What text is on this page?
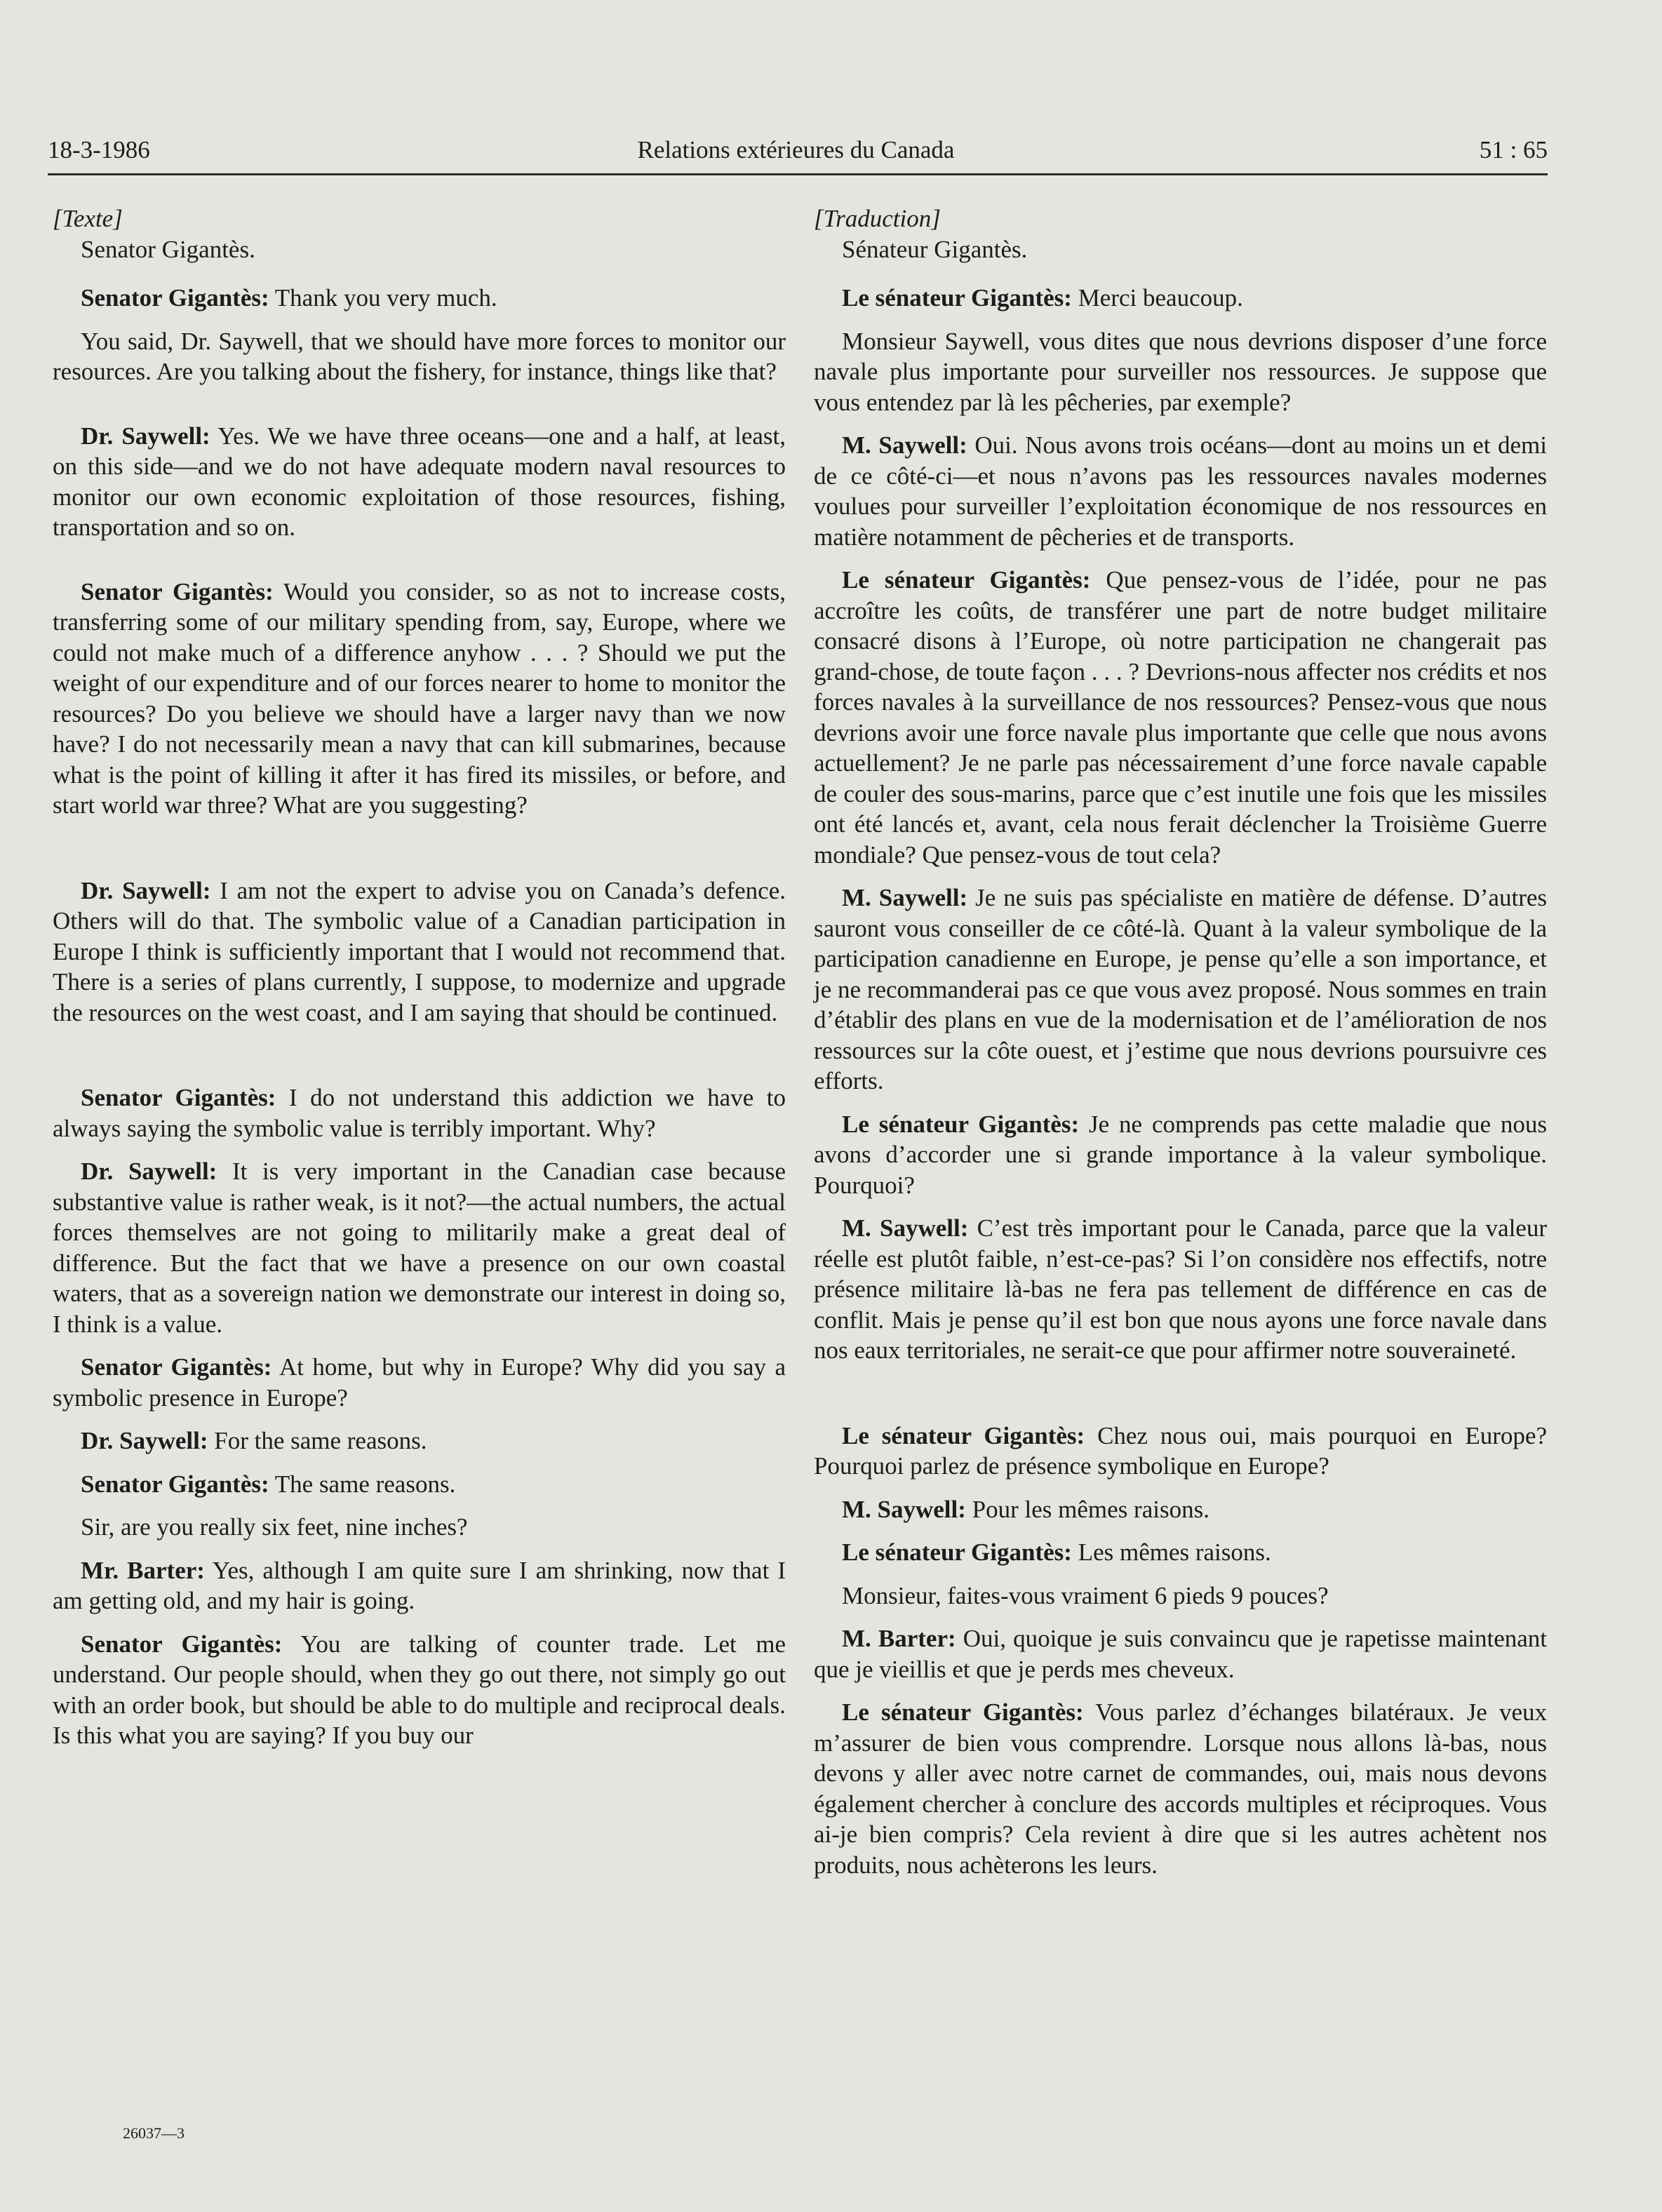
18-3-1986	Relations extérieures du Canada	51 : 65

[Texte]

Senator Gigantès.

Senator Gigantès: Thank you very much.

You said, Dr. Saywell, that we should have more forces to monitor our resources. Are you talking about the fishery, for instance, things like that?

Dr. Saywell: Yes. We we have three oceans—one and a half, at least, on this side—and we do not have adequate modern naval resources to monitor our own economic exploitation of those resources, fishing, transportation and so on.

Senator Gigantès: Would you consider, so as not to increase costs, transferring some of our military spending from, say, Europe, where we could not make much of a difference anyhow . . . ? Should we put the weight of our expenditure and of our forces nearer to home to monitor the resources? Do you believe we should have a larger navy than we now have? I do not necessarily mean a navy that can kill submarines, because what is the point of killing it after it has fired its missiles, or before, and start world war three? What are you suggesting?

Dr. Saywell: I am not the expert to advise you on Canada’s defence. Others will do that. The symbolic value of a Canadian participation in Europe I think is sufficiently important that I would not recommend that. There is a series of plans currently, I suppose, to modernize and upgrade the resources on the west coast, and I am saying that should be continued.

Senator Gigantès: I do not understand this addiction we have to always saying the symbolic value is terribly important. Why?

Dr. Saywell: It is very important in the Canadian case because substantive value is rather weak, is it not?—the actual numbers, the actual forces themselves are not going to militarily make a great deal of difference. But the fact that we have a presence on our own coastal waters, that as a sovereign nation we demonstrate our interest in doing so, I think is a value.

Senator Gigantès: At home, but why in Europe? Why did you say a symbolic presence in Europe?

Dr. Saywell: For the same reasons.

Senator Gigantès: The same reasons.

Sir, are you really six feet, nine inches?

Mr. Barter: Yes, although I am quite sure I am shrinking, now that I am getting old, and my hair is going.

Senator Gigantès: You are talking of counter trade. Let me understand. Our people should, when they go out there, not simply go out with an order book, but should be able to do multiple and reciprocal deals. Is this what you are saying? If you buy our

[Traduction]

Sénateur Gigantès.

Le sénateur Gigantès: Merci beaucoup.

Monsieur Saywell, vous dites que nous devrions disposer d’une force navale plus importante pour surveiller nos ressources. Je suppose que vous entendez par là les pêcheries, par exemple?

M. Saywell: Oui. Nous avons trois océans—dont au moins un et demi de ce côté-ci—et nous n’avons pas les ressources navales modernes voulues pour surveiller l’exploitation économique de nos ressources en matière notamment de pêcheries et de transports.

Le sénateur Gigantès: Que pensez-vous de l’idée, pour ne pas accroître les coûts, de transférer une part de notre budget militaire consacré disons à l’Europe, où notre participation ne changerait pas grand-chose, de toute façon . . . ? Devrions-nous affecter nos crédits et nos forces navales à la surveillance de nos ressources? Pensez-vous que nous devrions avoir une force navale plus importante que celle que nous avons actuellement? Je ne parle pas nécessairement d’une force navale capable de couler des sous-marins, parce que c’est inutile une fois que les missiles ont été lancés et, avant, cela nous ferait déclencher la Troisième Guerre mondiale? Que pensez-vous de tout cela?

M. Saywell: Je ne suis pas spécialiste en matière de défense. D’autres sauront vous conseiller de ce côté-là. Quant à la valeur symbolique de la participation canadienne en Europe, je pense qu’elle a son importance, et je ne recommanderai pas ce que vous avez proposé. Nous sommes en train d’établir des plans en vue de la modernisation et de l’amélioration de nos ressources sur la côte ouest, et j’estime que nous devrions poursuivre ces efforts.

Le sénateur Gigantès: Je ne comprends pas cette maladie que nous avons d’accorder une si grande importance à la valeur symbolique. Pourquoi?

M. Saywell: C’est très important pour le Canada, parce que la valeur réelle est plutôt faible, n’est-ce-pas? Si l’on considère nos effectifs, notre présence militaire là-bas ne fera pas tellement de différence en cas de conflit. Mais je pense qu’il est bon que nous ayons une force navale dans nos eaux territoriales, ne serait-ce que pour affirmer notre souveraineté.

Le sénateur Gigantès: Chez nous oui, mais pourquoi en Europe? Pourquoi parlez de présence symbolique en Europe?

M. Saywell: Pour les mêmes raisons.

Le sénateur Gigantès: Les mêmes raisons.

Monsieur, faites-vous vraiment 6 pieds 9 pouces?

M. Barter: Oui, quoique je suis convaincu que je rapetisse maintenant que je vieillis et que je perds mes cheveux.

Le sénateur Gigantès: Vous parlez d’échanges bilatéraux. Je veux m’assurer de bien vous comprendre. Lorsque nous allons là-bas, nous devons y aller avec notre carnet de commandes, oui, mais nous devons également chercher à conclure des accords multiples et réciproques. Vous ai-je bien compris? Cela revient à dire que si les autres achètent nos produits, nous achèterons les leurs.

26037—3
